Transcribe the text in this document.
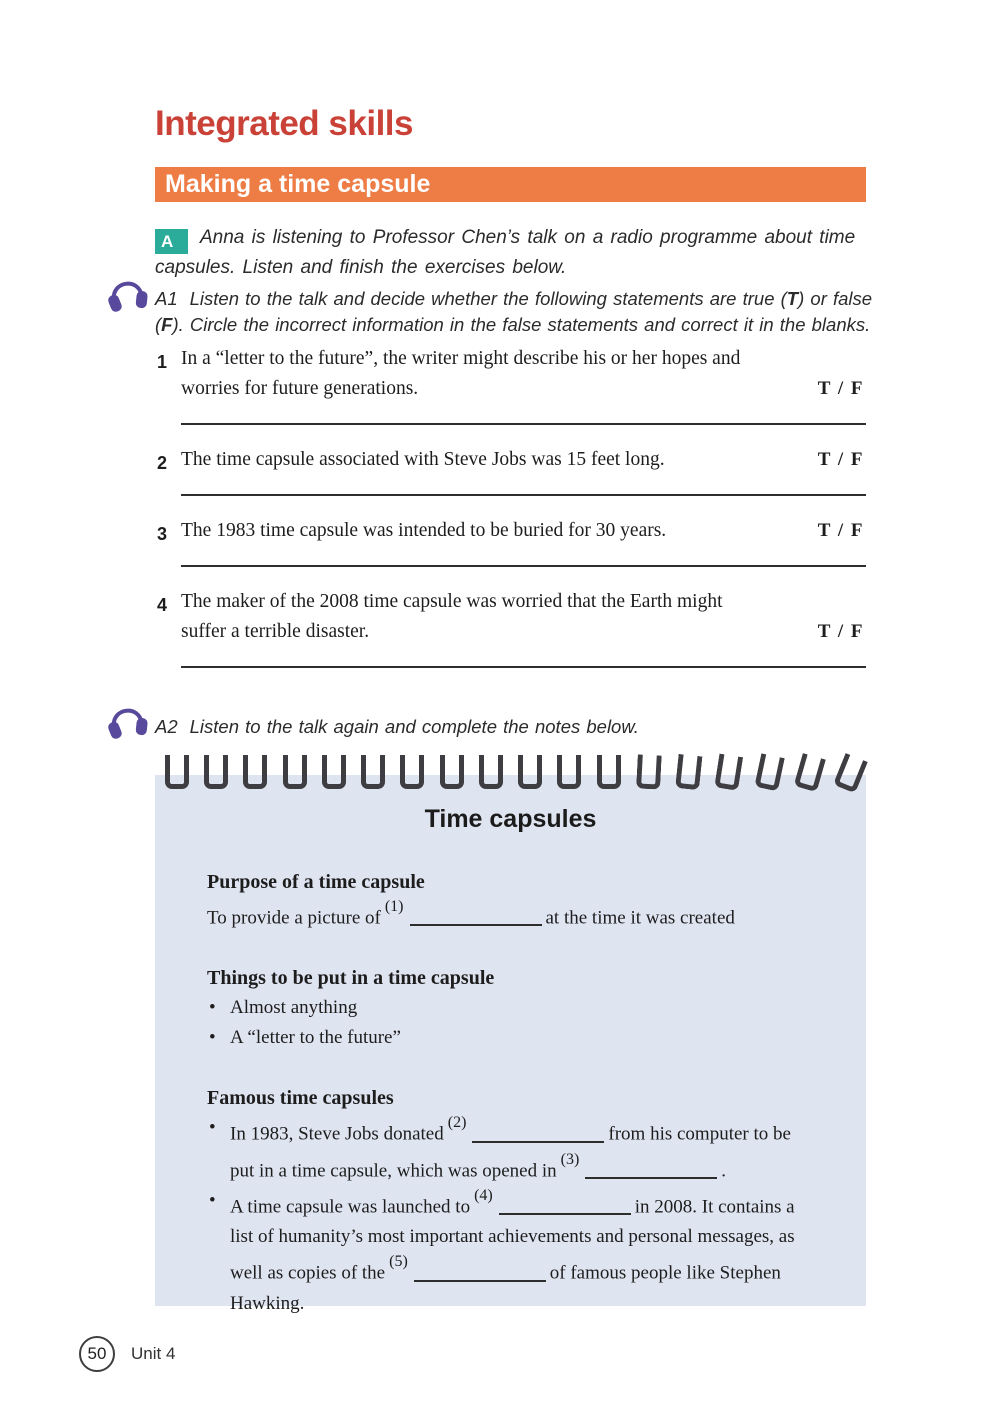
Integrated skills
Making a time capsule
A Anna is listening to Professor Chen’s talk on a radio programme about time capsules. Listen and finish the exercises below.
A1 Listen to the talk and decide whether the following statements are true (T) or false (F). Circle the incorrect information in the false statements and correct it in the blanks.
1 In a “letter to the future”, the writer might describe his or her hopes and
worries for future generations.	T / F
2 The time capsule associated with Steve Jobs was 15 feet long.	T / F
3 The 1983 time capsule was intended to be buried for 30 years.	T / F
4 The maker of the 2008 time capsule was worried that the Earth might
suffer a terrible disaster.	T / F
A2 Listen to the talk again and complete the notes below.
Time capsules

Purpose of a time capsule

To provide a picture $of^{(1)}at$ the time it was created

Things to be put in a time capsule

• Almost anything
• A “letter to the future”

Famous time capsules

• In 1983, Steve Jobs donated$^{(2)}$from his computer to be put in a time capsule, which was opened $in^{(3)}$.
• A time capsule was launched $to^{(4)}in$ 2008. It contains a list of humanity’s most important achievements and personal messages, as well as copies of the$^{(5)}$of famous people like Stephen Hawking.
50	Unit 4
